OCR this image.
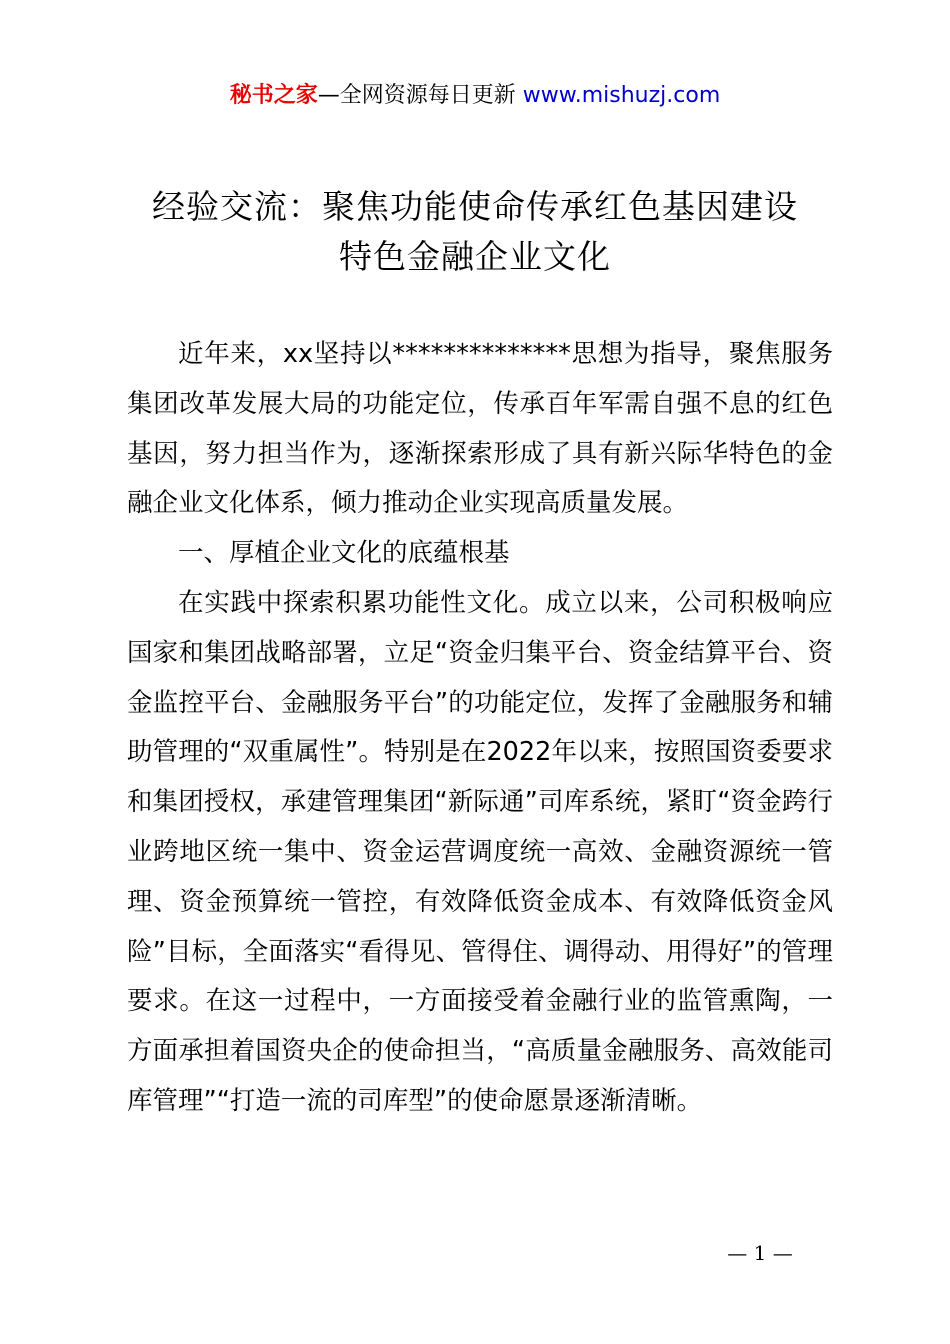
秘书之家—全网资源每日更新 www.mishuzj.com
经验交流：聚焦功能使命传承红色基因建设
特色金融企业文化

近年来，xx坚持以**************思想为指导，聚焦服务集团改革发展大局的功能定位，传承百年军需自强不息的红色基因，努力担当作为，逐渐探索形成了具有新兴际华特色的金融企业文化体系，倾力推动企业实现高质量发展。

一、厚植企业文化的底蕴根基

在实践中探索积累功能性文化。成立以来，公司积极响应国家和集团战略部署，立足“资金归集平台、资金结算平台、资金监控平台、金融服务平台”的功能定位，发挥了金融服务和辅助管理的“双重属性”。特别是在2022年以来，按照国资委要求和集团授权，承建管理集团“新际通”司库系统，紧盯“资金跨行业跨地区统一集中、资金运营调度统一高效、金融资源统一管理、资金预算统一管控，有效降低资金成本、有效降低资金风险”目标，全面落实“看得见、管得住、调得动、用得好”的管理要求。在这一过程中，一方面接受着金融行业的监管熏陶，一方面承担着国资央企的使命担当，“高质量金融服务、高效能司库管理”“打造一流的司库型”的使命愿景逐渐清晰。

— 1 —
